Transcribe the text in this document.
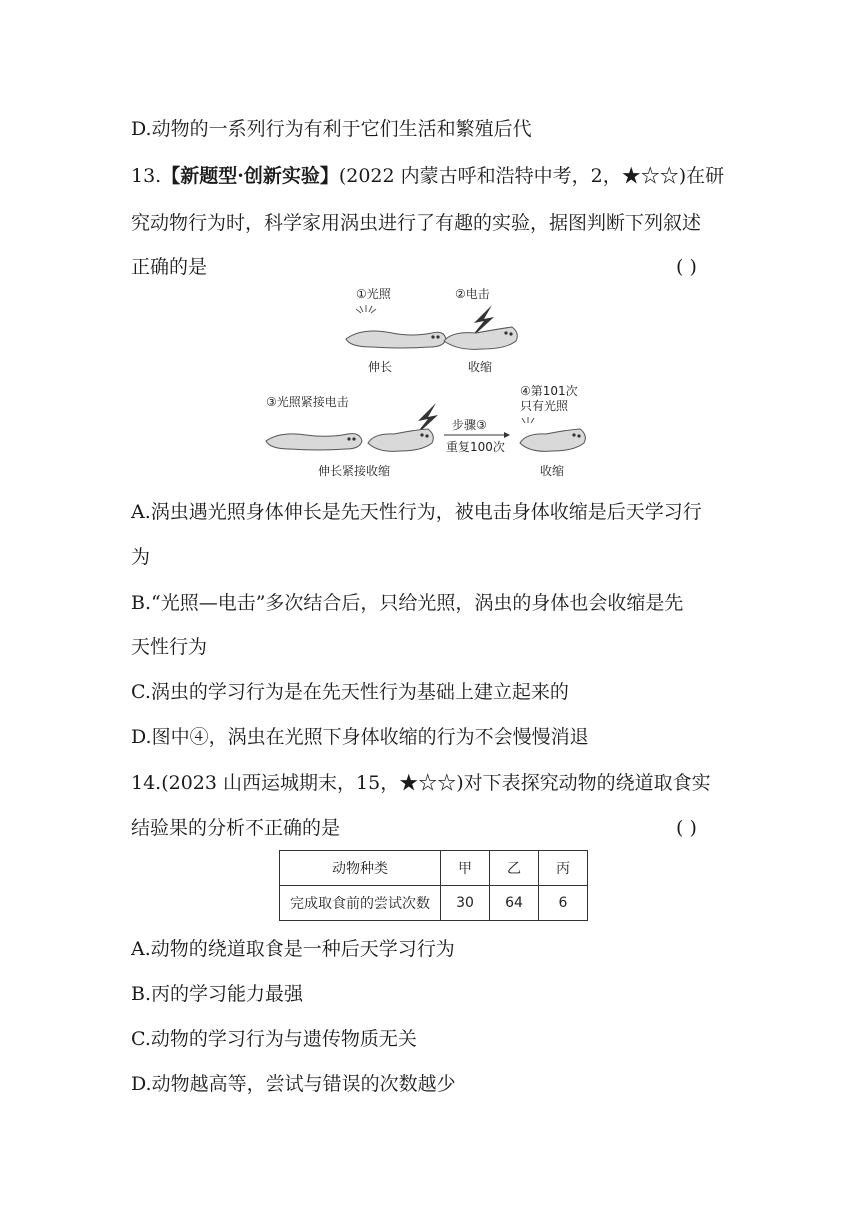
D.动物的一系列行为有利于它们生活和繁殖后代
13.【新题型·创新实验】(2022 内蒙古呼和浩特中考，2，★☆☆)在研
究动物行为时，科学家用涡虫进行了有趣的实验，据图判断下列叙述
正确的是	( )
①光照	②电击
伸长	收缩
③光照紧接电击
步骤③
重复100次
④第101次
只有光照
伸长紧接收缩	收缩
A.涡虫遇光照身体伸长是先天性行为，被电击身体收缩是后天学习行
为
B.“光照—电击”多次结合后，只给光照，涡虫的身体也会收缩是先
天性行为
C.涡虫的学习行为是在先天性行为基础上建立起来的
D.图中④，涡虫在光照下身体收缩的行为不会慢慢消退
14.(2023 山西运城期末，15，★☆☆)对下表探究动物的绕道取食实
结验果的分析不正确的是	( )
动物种类	甲	乙	丙
完成取食前的尝试次数	30	64	6
A.动物的绕道取食是一种后天学习行为
B.丙的学习能力最强
C.动物的学习行为与遗传物质无关
D.动物越高等，尝试与错误的次数越少
